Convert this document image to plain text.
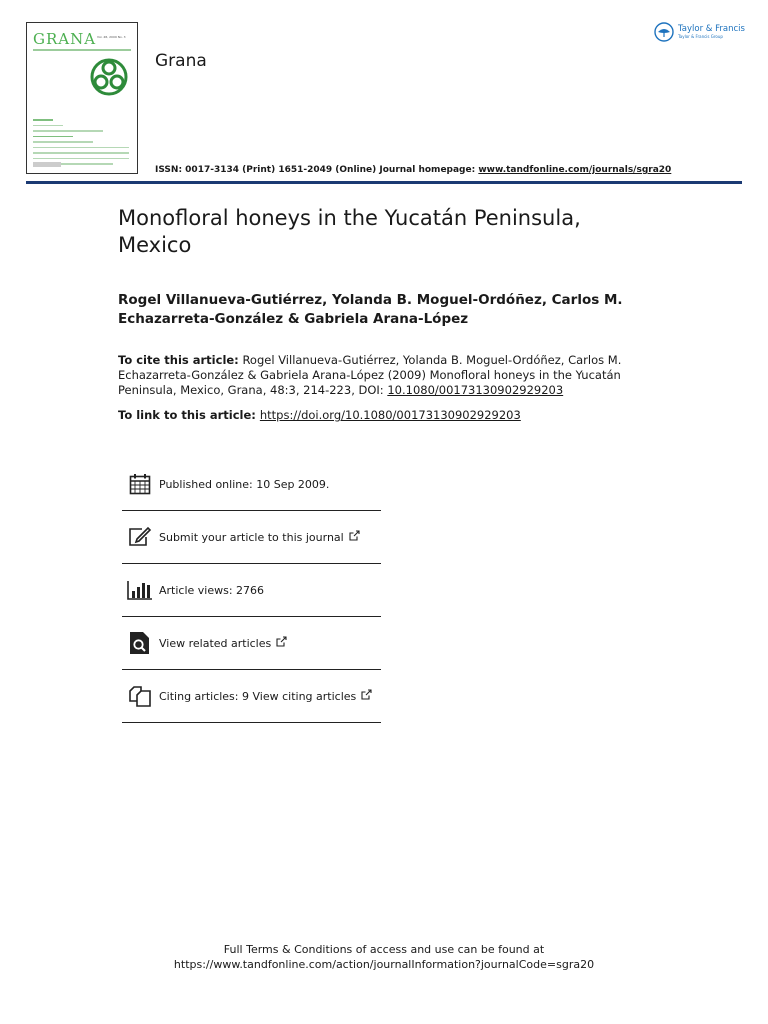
GRANA Vol. 48, 2009 No. 3
Grana
ISSN: 0017-3134 (Print) 1651-2049 (Online) Journal homepage: www.tandfonline.com/journals/sgra20
Taylor & Francis
Taylor & Francis Group
Monofloral honeys in the Yucatán Peninsula, Mexico
Rogel Villanueva-Gutiérrez, Yolanda B. Moguel-Ordóñez, Carlos M. Echazarreta-González & Gabriela Arana-López
To cite this article: Rogel Villanueva-Gutiérrez, Yolanda B. Moguel-Ordóñez, Carlos M. Echazarreta-González & Gabriela Arana-López (2009) Monofloral honeys in the Yucatán Peninsula, Mexico, Grana, 48:3, 214-223, DOI: 10.1080/00173130902929203
To link to this article: https://doi.org/10.1080/00173130902929203
Published online: 10 Sep 2009.
Submit your article to this journal
Article views: 2766
View related articles
Citing articles: 9 View citing articles
Full Terms & Conditions of access and use can be found at
https://www.tandfonline.com/action/journalInformation?journalCode=sgra20
